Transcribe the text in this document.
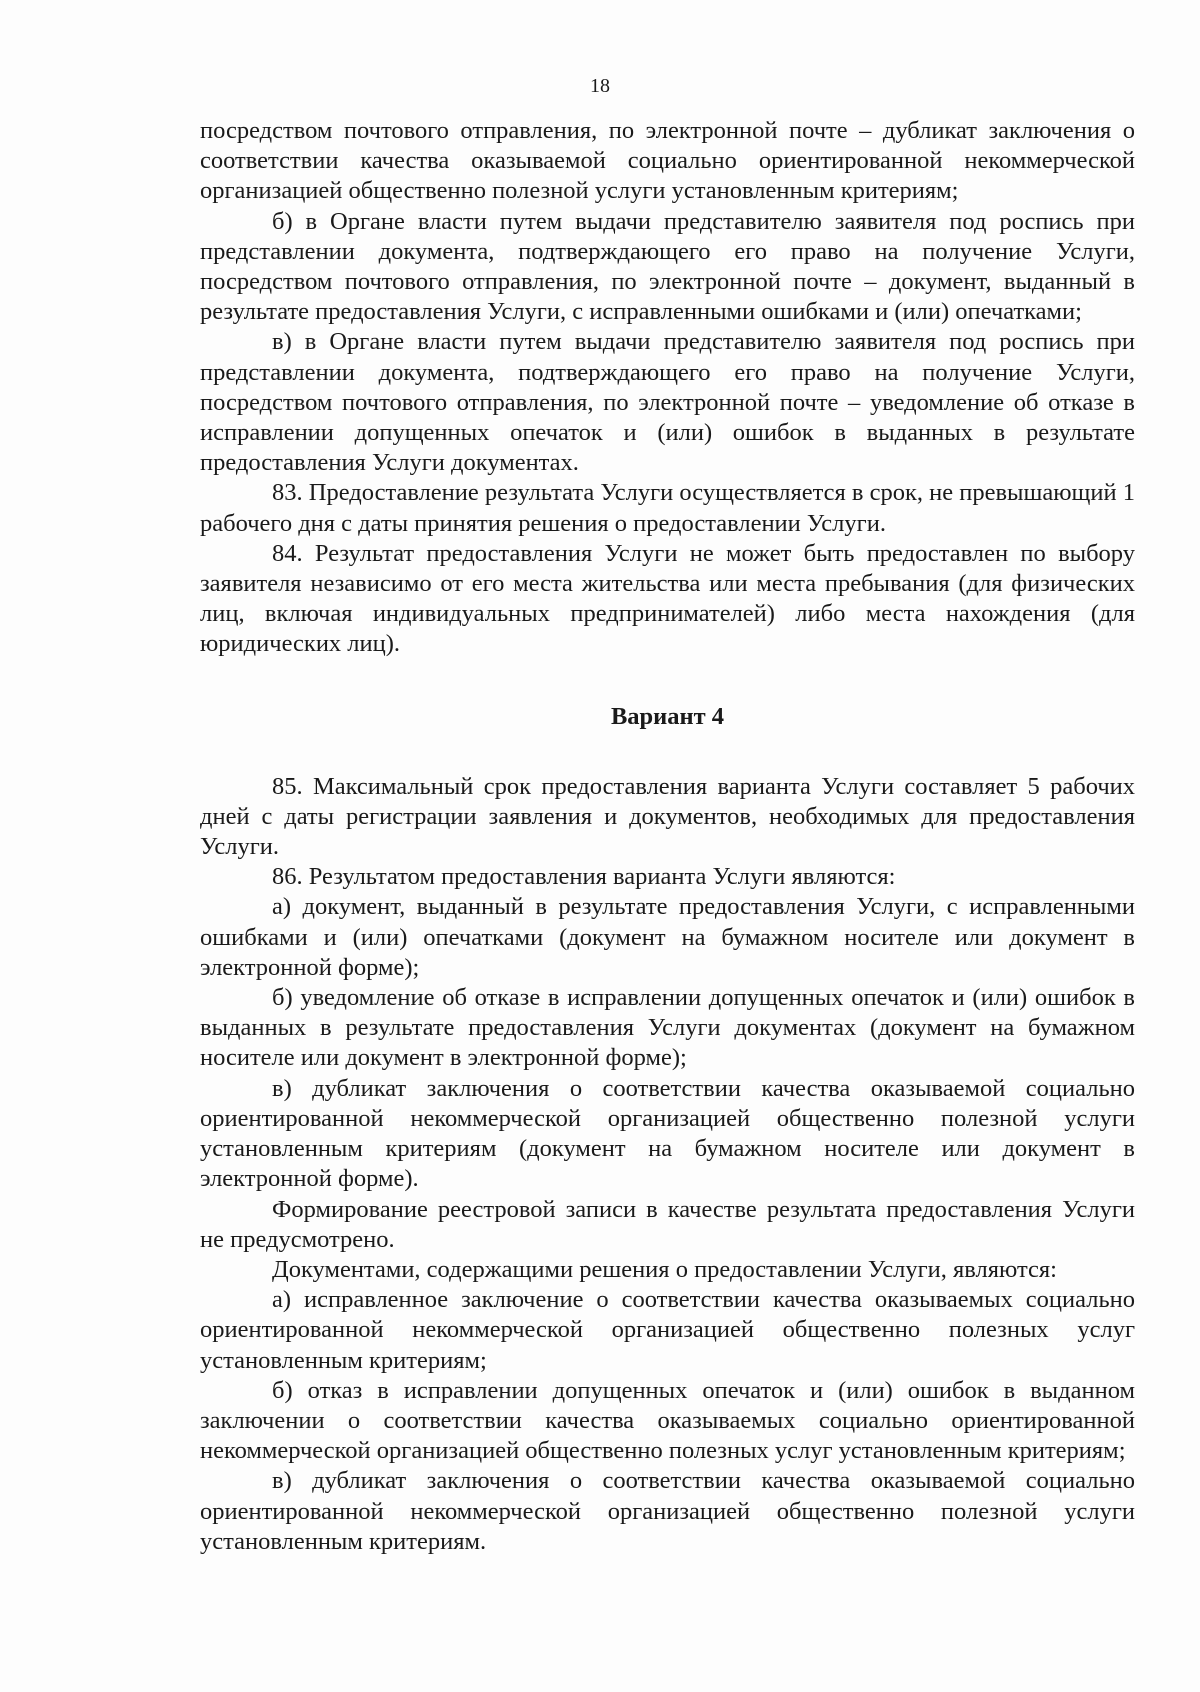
18

посредством почтового отправления, по электронной почте – дубликат заключения о соответствии качества оказываемой социально ориентированной некоммерческой организацией общественно полезной услуги установленным критериям;

б) в Органе власти путем выдачи представителю заявителя под роспись при представлении документа, подтверждающего его право на получение Услуги, посредством почтового отправления, по электронной почте – документ, выданный в результате предоставления Услуги, с исправленными ошибками и (или) опечатками;

в) в Органе власти путем выдачи представителю заявителя под роспись при представлении документа, подтверждающего его право на получение Услуги, посредством почтового отправления, по электронной почте – уведомление об отказе в исправлении допущенных опечаток и (или) ошибок в выданных в результате предоставления Услуги документах.

83. Предоставление результата Услуги осуществляется в срок, не превышающий 1 рабочего дня с даты принятия решения о предоставлении Услуги.

84. Результат предоставления Услуги не может быть предоставлен по выбору заявителя независимо от его места жительства или места пребывания (для физических лиц, включая индивидуальных предпринимателей) либо места нахождения (для юридических лиц).

Вариант 4

85. Максимальный срок предоставления варианта Услуги составляет 5 рабочих дней с даты регистрации заявления и документов, необходимых для предоставления Услуги.

86. Результатом предоставления варианта Услуги являются:

а) документ, выданный в результате предоставления Услуги, с исправленными ошибками и (или) опечатками (документ на бумажном носителе или документ в электронной форме);

б) уведомление об отказе в исправлении допущенных опечаток и (или) ошибок в выданных в результате предоставления Услуги документах (документ на бумажном носителе или документ в электронной форме);

в) дубликат заключения о соответствии качества оказываемой социально ориентированной некоммерческой организацией общественно полезной услуги установленным критериям (документ на бумажном носителе или документ в электронной форме).

Формирование реестровой записи в качестве результата предоставления Услуги не предусмотрено.

Документами, содержащими решения о предоставлении Услуги, являются:

а) исправленное заключение о соответствии качества оказываемых социально ориентированной некоммерческой организацией общественно полезных услуг установленным критериям;

б) отказ в исправлении допущенных опечаток и (или) ошибок в выданном заключении о соответствии качества оказываемых социально ориентированной некоммерческой организацией общественно полезных услуг установленным критериям;

в) дубликат заключения о соответствии качества оказываемой социально ориентированной некоммерческой организацией общественно полезной услуги установленным критериям.
